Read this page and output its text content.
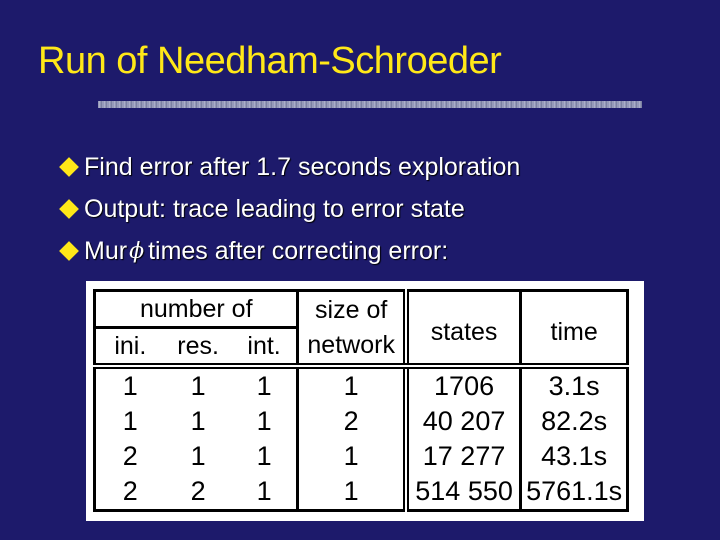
Run of Needham-Schroeder
Find error after 1.7 seconds exploration
Output: trace leading to error state
Mur ϕ times after correcting error:
number of			size of	states	time
ini.	res.	int.	network		
1	1	1	1	1706	3.1s
1	1	1	2	40 207	82.2s
2	1	1	1	17 277	43.1s
2	2	1	1	514 550	5761.1s
